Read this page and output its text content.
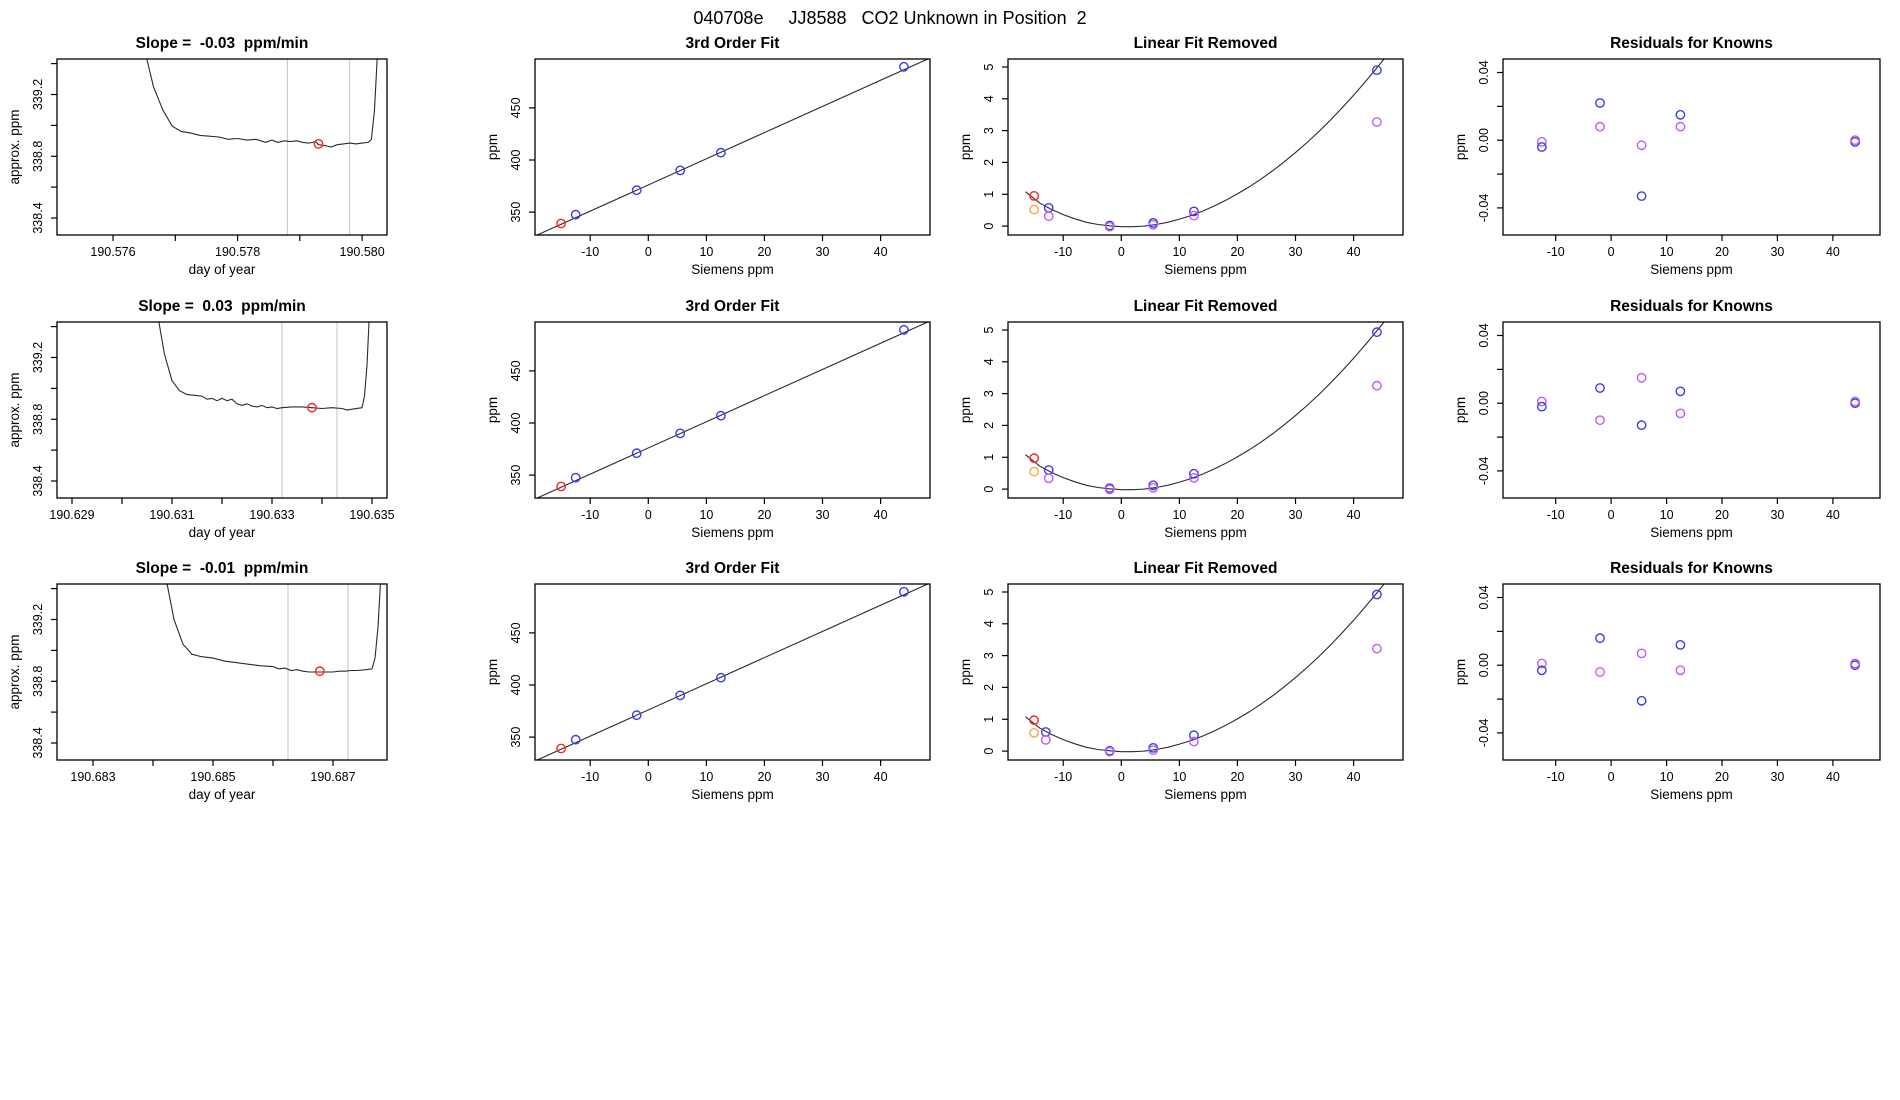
040708e     JJ8588   CO2 Unknown in Position  2
190.576	190.578	190.580
338.4
338.8
339.2
day of year
approx. ppm
Slope =  -0.03  ppm/min
-10	0	10	20	30	40
350
400
450
Siemens ppm
ppm
3rd Order Fit
-10	0	10	20	30	40
0
1
2
3
4
5
Siemens ppm
ppm
Linear Fit Removed
-10	0	10	20	30	40
-0.04
0.00
0.04
Siemens ppm
ppm
Residuals for Knowns
190.629	190.631	190.633	190.635
338.4
338.8
339.2
day of year
approx. ppm
Slope =  0.03  ppm/min
-10	0	10	20	30	40
350
400
450
Siemens ppm
ppm
3rd Order Fit
-10	0	10	20	30	40
0
1
2
3
4
5
Siemens ppm
ppm
Linear Fit Removed
-10	0	10	20	30	40
-0.04
0.00
0.04
Siemens ppm
ppm
Residuals for Knowns
190.683	190.685	190.687
338.4
338.8
339.2
day of year
approx. ppm
Slope =  -0.01  ppm/min
-10	0	10	20	30	40
350
400
450
Siemens ppm
ppm
3rd Order Fit
-10	0	10	20	30	40
0
1
2
3
4
5
Siemens ppm
ppm
Linear Fit Removed
-10	0	10	20	30	40
-0.04
0.00
0.04
Siemens ppm
ppm
Residuals for Knowns
